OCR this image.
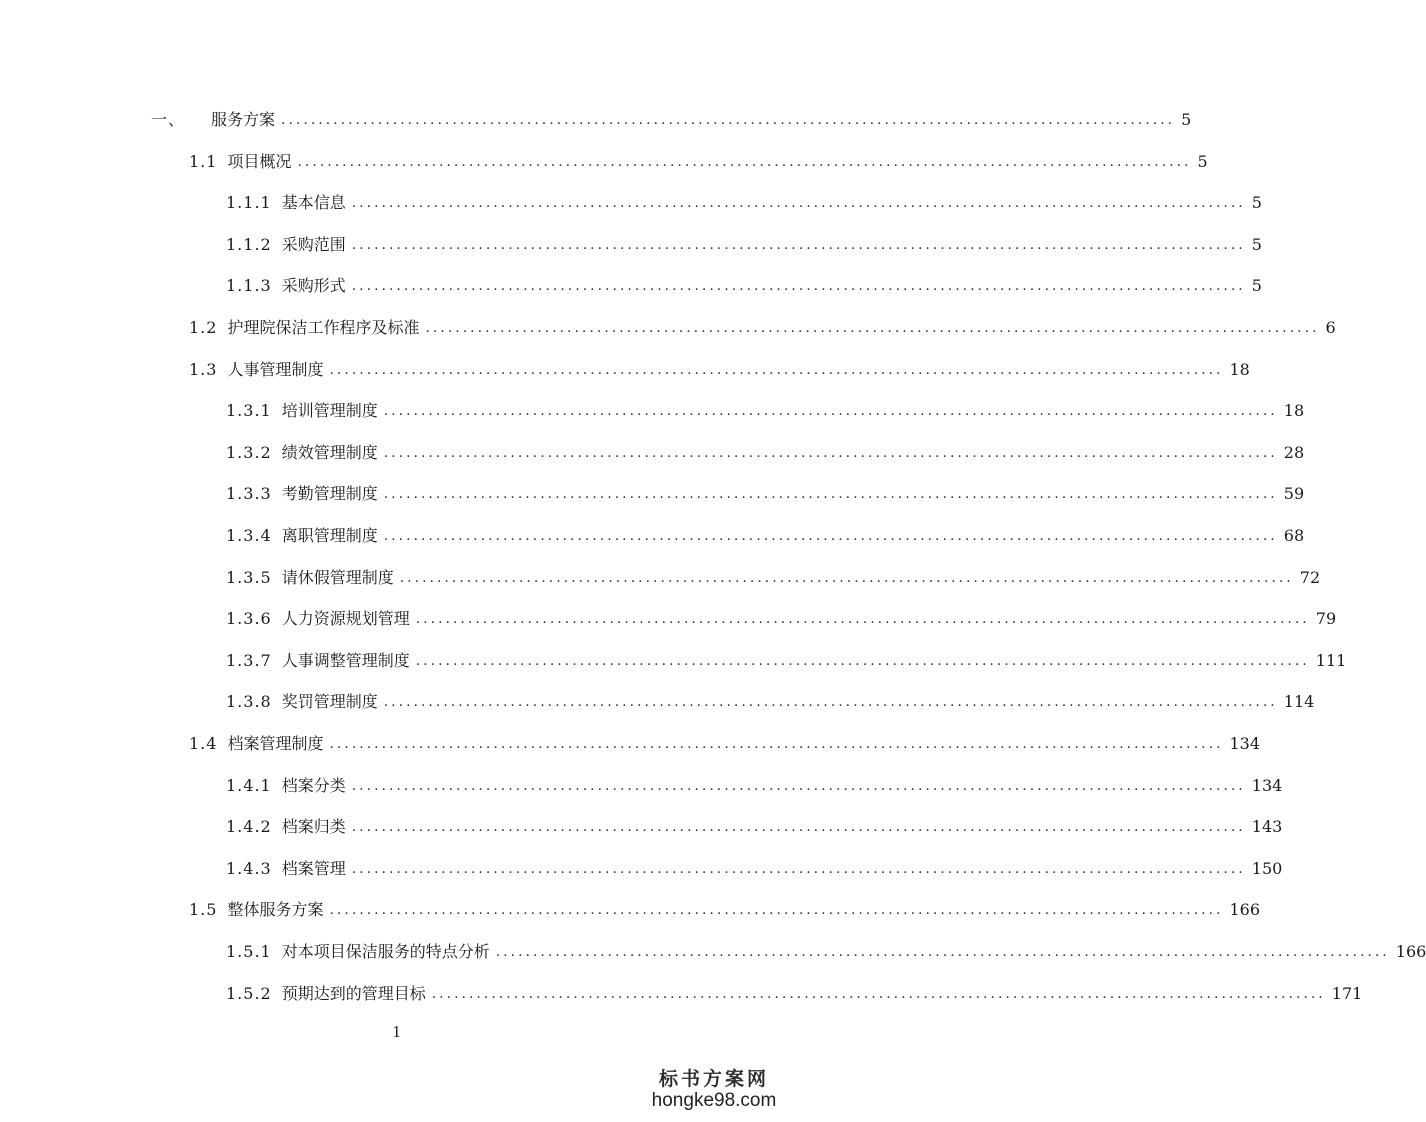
一、 服务方案 ........................................................................................................................ 5
1.1 项目概况 ........................................................................................................................ 5
1.1.1 基本信息 ........................................................................................................................ 5
1.1.2 采购范围 ........................................................................................................................ 5
1.1.3 采购形式 ........................................................................................................................ 5
1.2 护理院保洁工作程序及标准 ........................................................................................................................ 6
1.3 人事管理制度 ........................................................................................................................ 18
1.3.1 培训管理制度 ........................................................................................................................ 18
1.3.2 绩效管理制度 ........................................................................................................................ 28
1.3.3 考勤管理制度 ........................................................................................................................ 59
1.3.4 离职管理制度 ........................................................................................................................ 68
1.3.5 请休假管理制度 ........................................................................................................................ 72
1.3.6 人力资源规划管理 ........................................................................................................................ 79
1.3.7 人事调整管理制度 ........................................................................................................................ 111
1.3.8 奖罚管理制度 ........................................................................................................................ 114
1.4 档案管理制度 ........................................................................................................................ 134
1.4.1 档案分类 ........................................................................................................................ 134
1.4.2 档案归类 ........................................................................................................................ 143
1.4.3 档案管理 ........................................................................................................................ 150
1.5 整体服务方案 ........................................................................................................................ 166
1.5.1 对本项目保洁服务的特点分析 ........................................................................................................................ 166
1.5.2 预期达到的管理目标 ........................................................................................................................ 171
1
标书方案网
hongke98.com
